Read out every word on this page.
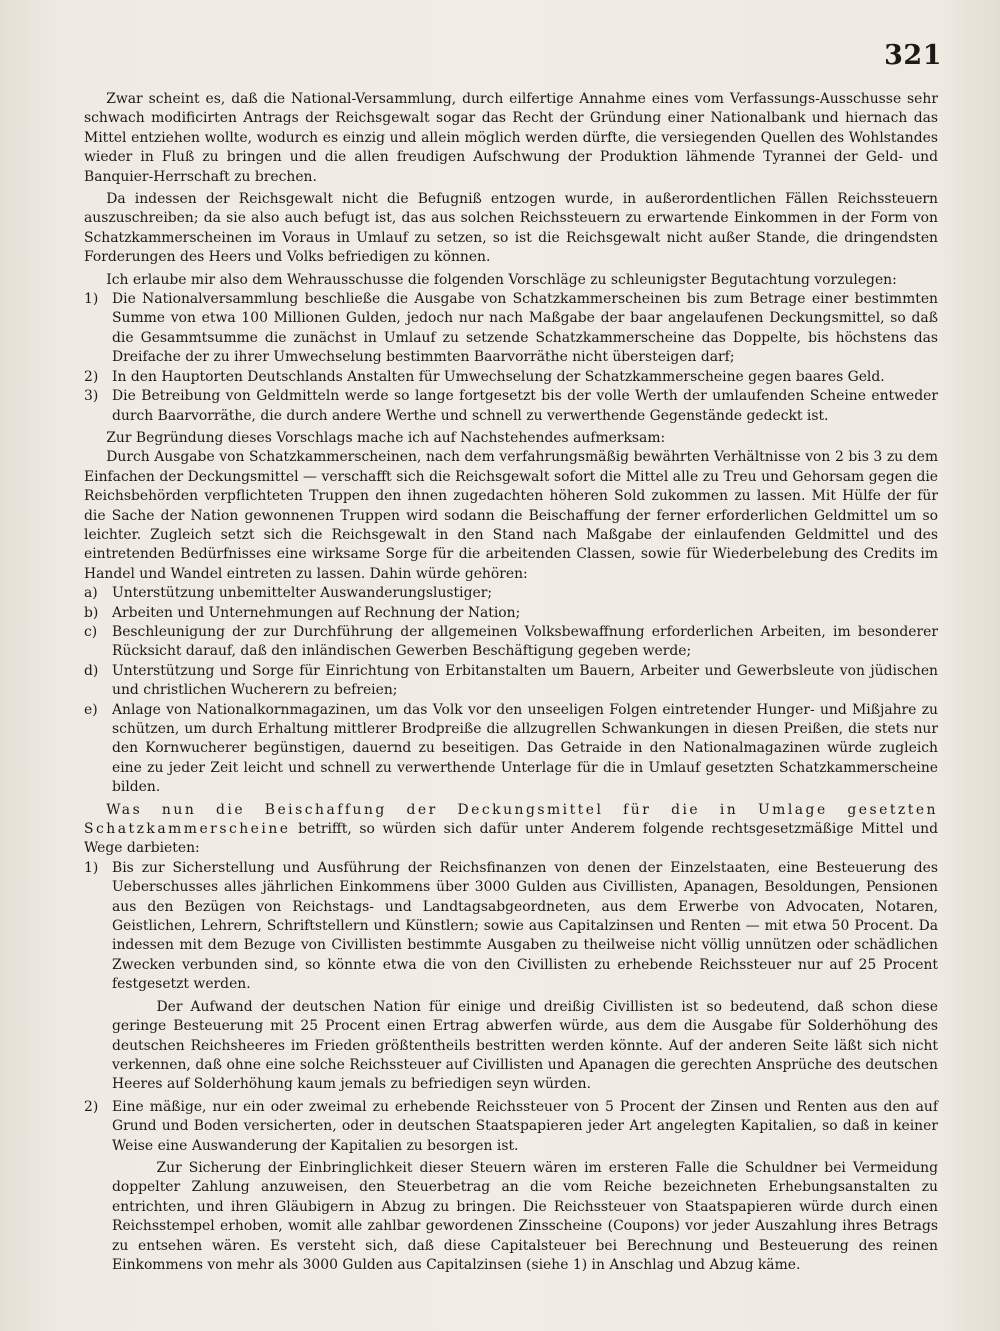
321

Zwar scheint es, daß die National-Versammlung, durch eilfertige Annahme eines vom Verfassungs-Ausschusse sehr schwach modificirten Antrags der Reichsgewalt sogar das Recht der Gründung einer Nationalbank und hiernach das Mittel entziehen wollte, wodurch es einzig und allein möglich werden dürfte, die versiegenden Quellen des Wohlstandes wieder in Fluß zu bringen und die allen freudigen Aufschwung der Produktion lähmende Tyrannei der Geld- und Banquier-Herrschaft zu brechen.

Da indessen der Reichsgewalt nicht die Befugniß entzogen wurde, in außerordentlichen Fällen Reichssteuern auszuschreiben; da sie also auch befugt ist, das aus solchen Reichssteuern zu erwartende Einkommen in der Form von Schatzkammerscheinen im Voraus in Umlauf zu setzen, so ist die Reichsgewalt nicht außer Stande, die dringendsten Forderungen des Heers und Volks befriedigen zu können.

Ich erlaube mir also dem Wehrausschusse die folgenden Vorschläge zu schleunigster Begutachtung vorzulegen:

1) Die Nationalversammlung beschließe die Ausgabe von Schatzkammerscheinen bis zum Betrage einer bestimmten Summe von etwa 100 Millionen Gulden, jedoch nur nach Maßgabe der baar angelaufenen Deckungsmittel, so daß die Gesammtsumme die zunächst in Umlauf zu setzende Schatzkammerscheine das Doppelte, bis höchstens das Dreifache der zu ihrer Umwechselung bestimmten Baarvorräthe nicht übersteigen darf;
2) In den Hauptorten Deutschlands Anstalten für Umwechselung der Schatzkammerscheine gegen baares Geld.
3) Die Betreibung von Geldmitteln werde so lange fortgesetzt bis der volle Werth der umlaufenden Scheine entweder durch Baarvorräthe, die durch andere Werthe und schnell zu verwerthende Gegenstände gedeckt ist.

Zur Begründung dieses Vorschlags mache ich auf Nachstehendes aufmerksam:

Durch Ausgabe von Schatzkammerscheinen, nach dem verfahrungsmäßig bewährten Verhältnisse von 2 bis 3 zu dem Einfachen der Deckungsmittel — verschafft sich die Reichsgewalt sofort die Mittel alle zu Treu und Gehorsam gegen die Reichsbehörden verpflichteten Truppen den ihnen zugedachten höheren Sold zukommen zu lassen. Mit Hülfe der für die Sache der Nation gewonnenen Truppen wird sodann die Beischaffung der ferner erforderlichen Geldmittel um so leichter. Zugleich setzt sich die Reichsgewalt in den Stand nach Maßgabe der einlaufenden Geldmittel und des eintretenden Bedürfnisses eine wirksame Sorge für die arbeitenden Classen, sowie für Wiederbelebung des Credits im Handel und Wandel eintreten zu lassen. Dahin würde gehören:

a)	Unterstützung unbemittelter Auswanderungslustiger;
b) Arbeiten und Unternehmungen auf Rechnung der Nation;
c)	Beschleunigung der zur Durchführung der allgemeinen Volksbewaffnung erforderlichen Arbeiten, im besonderer Rücksicht darauf, daß den inländischen Gewerben Beschäftigung gegeben werde;
d) Unterstützung und Sorge für Einrichtung von Erbitanstalten um Bauern, Arbeiter und Gewerbsleute von jüdischen und christlichen Wucherern zu befreien;
e)	Anlage von Nationalkornmagazinen, um das Volk vor den unseeligen Folgen eintretender Hunger- und Mißjahre zu schützen, um durch Erhaltung mittlerer Brodpreiße die allzugrellen Schwankungen in diesen Preißen, die stets nur den Kornwucherer begünstigen, dauernd zu beseitigen. Das Getraide in den Nationalmagazinen würde zugleich eine zu jeder Zeit leicht und schnell zu verwerthende Unterlage für die in Umlauf gesetzten Schatzkammerscheine bilden.

Was nun die Beischaffung der Deckungsmittel für die in Umlage gesetzten Schatzkammerscheine betrifft, so würden sich dafür unter Anderem folgende rechtsgesetzmäßige Mittel und Wege darbieten:

1) Bis zur Sicherstellung und Ausführung der Reichsfinanzen von denen der Einzelstaaten, eine Besteuerung des Ueberschusses alles jährlichen Einkommens über 3000 Gulden aus Civillisten, Apanagen, Besoldungen, Pensionen aus den Bezügen von Reichstags- und Landtagsabgeordneten, aus dem Erwerbe von Advocaten, Notaren, Geistlichen, Lehrern, Schriftstellern und Künstlern; sowie aus Capitalzinsen und Renten — mit etwa 50 Procent. Da indessen mit dem Bezuge von Civillisten bestimmte Ausgaben zu theilweise nicht völlig unnützen oder schädlichen Zwecken verbunden sind, so könnte etwa die von den Civillisten zu erhebende Reichssteuer nur auf 25 Procent festgesetzt werden.

Der Aufwand der deutschen Nation für einige und dreißig Civillisten ist so bedeutend, daß schon diese geringe Besteuerung mit 25 Procent einen Ertrag abwerfen würde, aus dem die Ausgabe für Solderhöhung des deutschen Reichsheeres im Frieden größtentheils bestritten werden könnte. Auf der anderen Seite läßt sich nicht verkennen, daß ohne eine solche Reichssteuer auf Civillisten und Apanagen die gerechten Ansprüche des deutschen Heeres auf Solderhöhung kaum jemals zu befriedigen seyn würden.

2) Eine mäßige, nur ein oder zweimal zu erhebende Reichssteuer von 5 Procent der Zinsen und Renten aus den auf Grund und Boden versicherten, oder in deutschen Staatspapieren jeder Art angelegten Kapitalien, so daß in keiner Weise eine Auswanderung der Kapitalien zu besorgen ist.

Zur Sicherung der Einbringlichkeit dieser Steuern wären im ersteren Falle die Schuldner bei Vermeidung doppelter Zahlung anzuweisen, den Steuerbetrag an die vom Reiche bezeichneten Erhebungsanstalten zu entrichten, und ihren Gläubigern in Abzug zu bringen. Die Reichssteuer von Staatspapieren würde durch einen Reichsstempel erhoben, womit alle zahlbar gewordenen Zinsscheine (Coupons) vor jeder Auszahlung ihres Betrags zu entsehen wären. Es versteht sich, daß diese Capitalsteuer bei Berechnung und Besteuerung des reinen Einkommens von mehr als 3000 Gulden aus Capitalzinsen (siehe 1) in Anschlag und Abzug käme.
